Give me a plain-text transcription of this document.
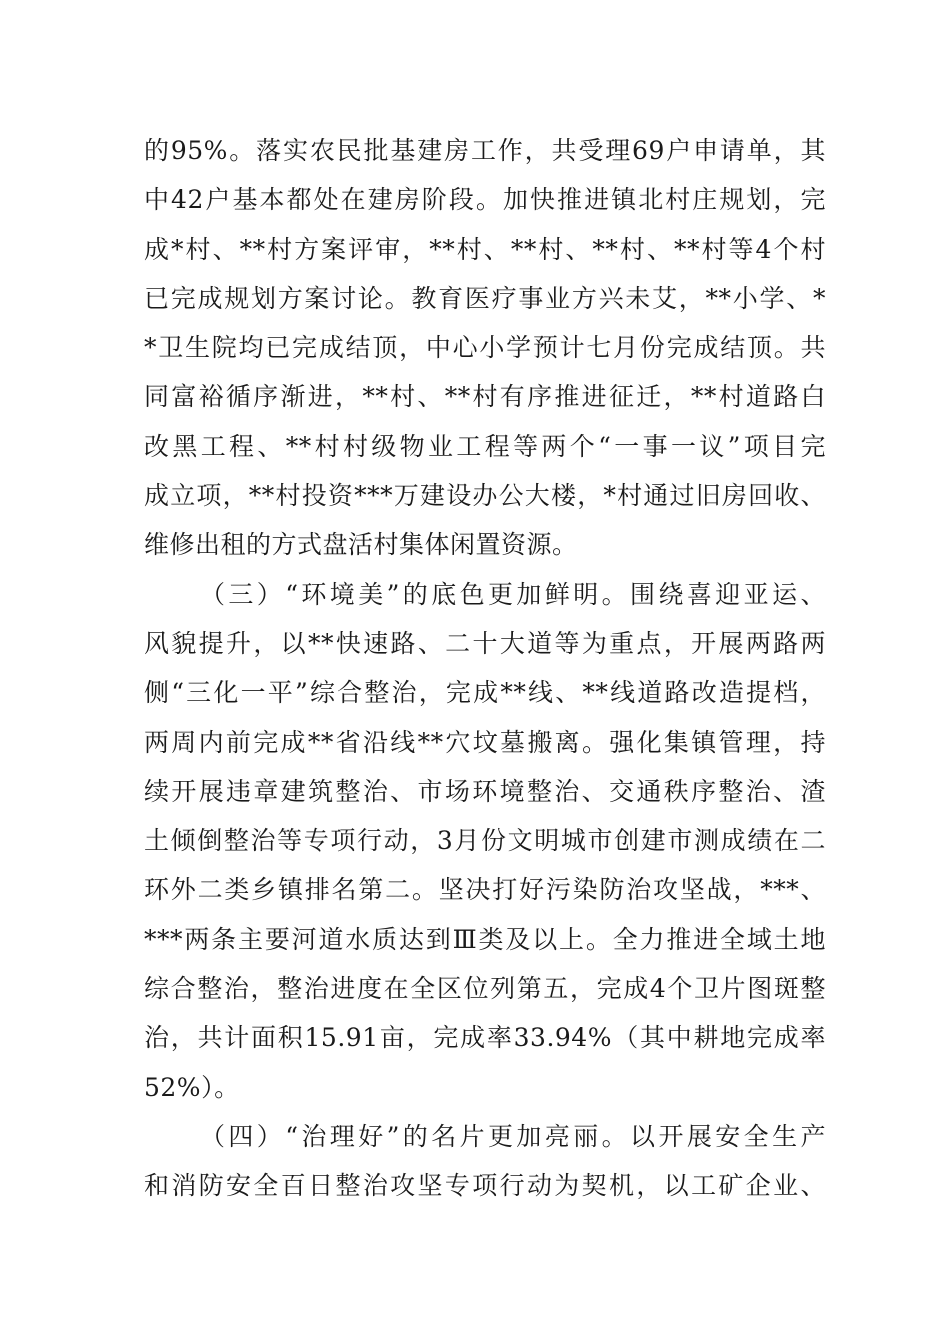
的95%。落实农民批基建房工作，共受理69户申请单，其
中42户基本都处在建房阶段。加快推进镇北村庄规划，完
成*村、**村方案评审，**村、**村、**村、**村等4个村
已完成规划方案讨论。教育医疗事业方兴未艾，**小学、*
*卫生院均已完成结顶，中心小学预计七月份完成结顶。共
同富裕循序渐进，**村、**村有序推进征迁，**村道路白
改黑工程、**村村级物业工程等两个“一事一议”项目完
成立项，**村投资***万建设办公大楼，*村通过旧房回收、
维修出租的方式盘活村集体闲置资源。
（三）“环境美”的底色更加鲜明。围绕喜迎亚运、
风貌提升，以**快速路、二十大道等为重点，开展两路两
侧“三化一平”综合整治，完成**线、**线道路改造提档，
两周内前完成**省沿线**穴坟墓搬离。强化集镇管理，持
续开展违章建筑整治、市场环境整治、交通秩序整治、渣
土倾倒整治等专项行动，3月份文明城市创建市测成绩在二
环外二类乡镇排名第二。坚决打好污染防治攻坚战，***、
***两条主要河道水质达到Ⅲ类及以上。全力推进全域土地
综合整治，整治进度在全区位列第五，完成4个卫片图斑整
治，共计面积15.91亩，完成率33.94%（其中耕地完成率
52%）。
（四）“治理好”的名片更加亮丽。以开展安全生产
和消防安全百日整治攻坚专项行动为契机，以工矿企业、
